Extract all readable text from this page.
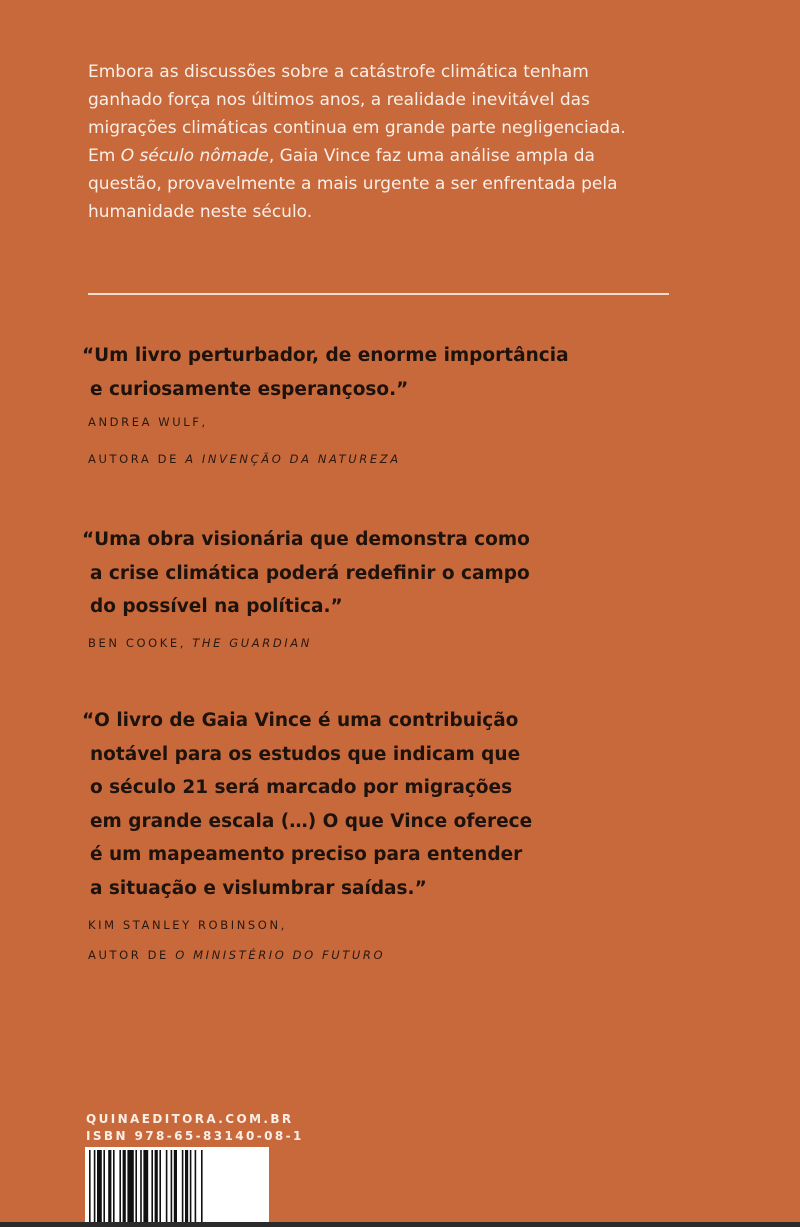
Embora as discussões sobre a catástrofe climática tenham
ganhado força nos últimos anos, a realidade inevitável das
migrações climáticas continua em grande parte negligenciada.
Em O século nômade, Gaia Vince faz uma análise ampla da
questão, provavelmente a mais urgente a ser enfrentada pela
humanidade neste século.
“Um livro perturbador, de enorme importância
e curiosamente esperançoso.”
ANDREA WULF,
AUTORA DE A INVENÇÃO DA NATUREZA
“Uma obra visionária que demonstra como
a crise climática poderá redefinir o campo
do possível na política.”
BEN COOKE, THE GUARDIAN
“O livro de Gaia Vince é uma contribuição
notável para os estudos que indicam que
o século 21 será marcado por migrações
em grande escala (…) O que Vince oferece
é um mapeamento preciso para entender
a situação e vislumbrar saídas.”
KIM STANLEY ROBINSON,
AUTOR DE O MINISTÉRIO DO FUTURO
QUINAEDITORA.COM.BR
ISBN 978-65-83140-08-1
